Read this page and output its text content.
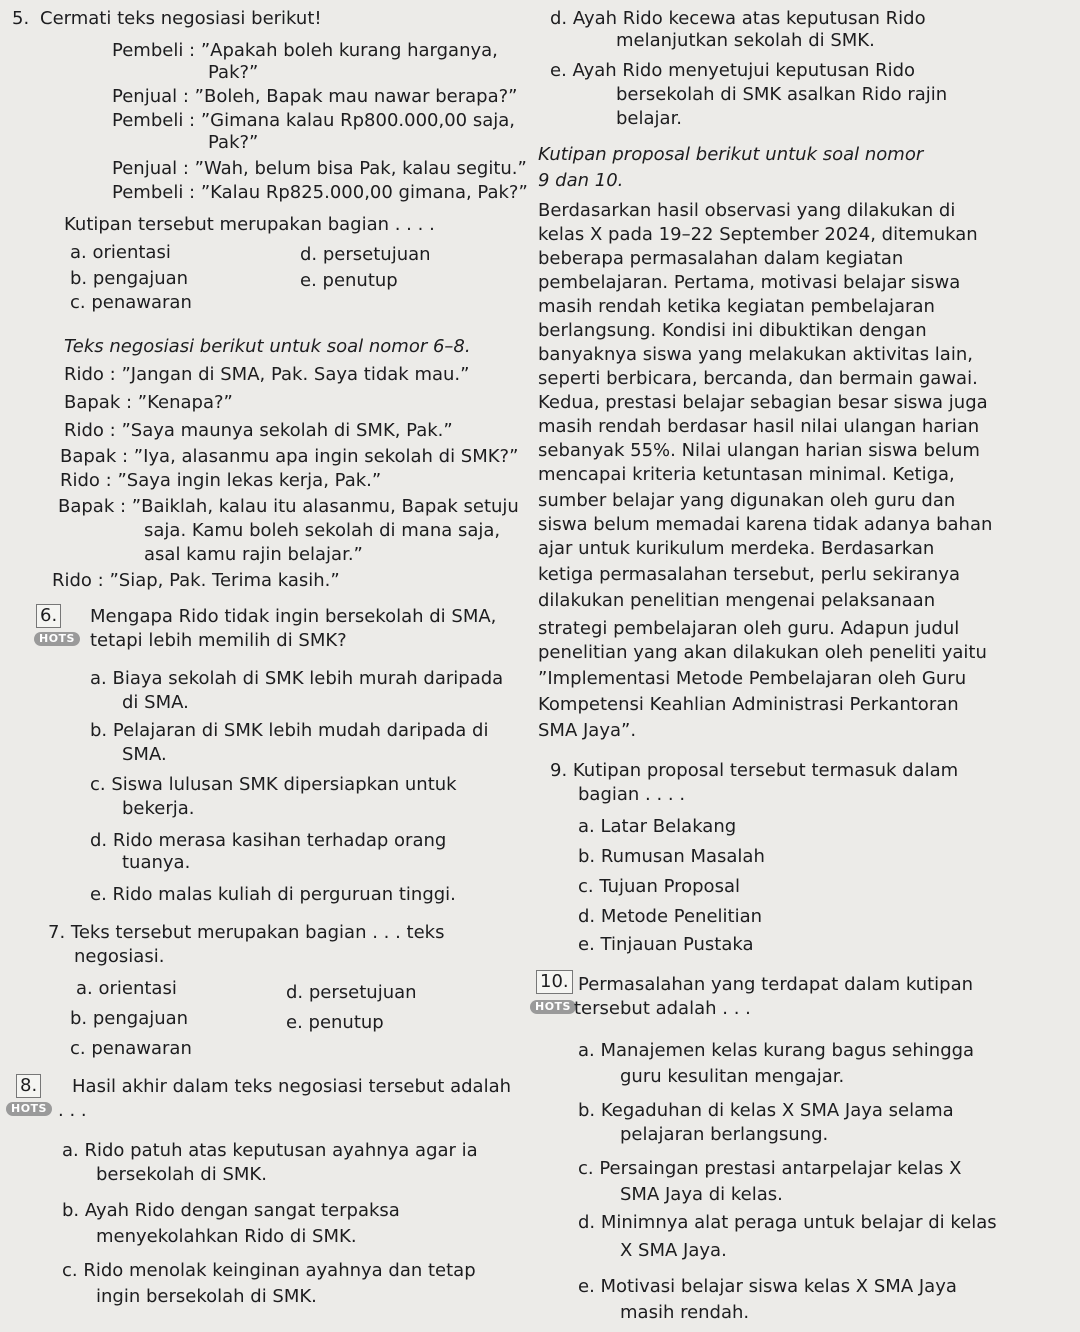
5. Cermati teks negosiasi berikut!
Pembeli : ”Apakah boleh kurang harganya,
Pak?”
Penjual : ”Boleh, Bapak mau nawar berapa?”
Pembeli : ”Gimana kalau Rp800.000,00 saja,
Pak?”
Penjual : ”Wah, belum bisa Pak, kalau segitu.”
Pembeli : ”Kalau Rp825.000,00 gimana, Pak?”
Kutipan tersebut merupakan bagian . . . .
a. orientasi	d. persetujuan
b. pengajuan	e. penutup
c. penawaran
Teks negosiasi berikut untuk soal nomor 6–8.
Rido : ”Jangan di SMA, Pak. Saya tidak mau.”
Bapak : ”Kenapa?”
Rido : ”Saya maunya sekolah di SMK, Pak.”
Bapak : ”Iya, alasanmu apa ingin sekolah di SMK?”
Rido : ”Saya ingin lekas kerja, Pak.”
Bapak : ”Baiklah, kalau itu alasanmu, Bapak setuju
saja. Kamu boleh sekolah di mana saja,
asal kamu rajin belajar.”
Rido : ”Siap, Pak. Terima kasih.”
6. Mengapa Rido tidak ingin bersekolah di SMA,
HOTS tetapi lebih memilih di SMK?
a. Biaya sekolah di SMK lebih murah daripada
di SMA.
b. Pelajaran di SMK lebih mudah daripada di
SMA.
c. Siswa lulusan SMK dipersiapkan untuk
bekerja.
d. Rido merasa kasihan terhadap orang
tuanya.
e. Rido malas kuliah di perguruan tinggi.
7. Teks tersebut merupakan bagian . . . teks
negosiasi.
a. orientasi	d. persetujuan
b. pengajuan	e. penutup
c. penawaran
8. Hasil akhir dalam teks negosiasi tersebut adalah
HOTS . . .
a. Rido patuh atas keputusan ayahnya agar ia
bersekolah di SMK.
b. Ayah Rido dengan sangat terpaksa
menyekolahkan Rido di SMK.
c. Rido menolak keinginan ayahnya dan tetap
ingin bersekolah di SMK.
d. Ayah Rido kecewa atas keputusan Rido
melanjutkan sekolah di SMK.
e. Ayah Rido menyetujui keputusan Rido
bersekolah di SMK asalkan Rido rajin
belajar.
Kutipan proposal berikut untuk soal nomor
9 dan 10.
Berdasarkan hasil observasi yang dilakukan di
kelas X pada 19–22 September 2024, ditemukan
beberapa permasalahan dalam kegiatan
pembelajaran. Pertama, motivasi belajar siswa
masih rendah ketika kegiatan pembelajaran
berlangsung. Kondisi ini dibuktikan dengan
banyaknya siswa yang melakukan aktivitas lain,
seperti berbicara, bercanda, dan bermain gawai.
Kedua, prestasi belajar sebagian besar siswa juga
masih rendah berdasar hasil nilai ulangan harian
sebanyak 55%. Nilai ulangan harian siswa belum
mencapai kriteria ketuntasan minimal. Ketiga,
sumber belajar yang digunakan oleh guru dan
siswa belum memadai karena tidak adanya bahan
ajar untuk kurikulum merdeka. Berdasarkan
ketiga permasalahan tersebut, perlu sekiranya
dilakukan penelitian mengenai pelaksanaan
strategi pembelajaran oleh guru. Adapun judul
penelitian yang akan dilakukan oleh peneliti yaitu
”Implementasi Metode Pembelajaran oleh Guru
Kompetensi Keahlian Administrasi Perkantoran
SMA Jaya”.
9. Kutipan proposal tersebut termasuk dalam
bagian . . . .
a. Latar Belakang
b. Rumusan Masalah
c. Tujuan Proposal
d. Metode Penelitian
e. Tinjauan Pustaka
10. Permasalahan yang terdapat dalam kutipan
HOTS tersebut adalah . . .
a. Manajemen kelas kurang bagus sehingga
guru kesulitan mengajar.
b. Kegaduhan di kelas X SMA Jaya selama
pelajaran berlangsung.
c. Persaingan prestasi antarpelajar kelas X
SMA Jaya di kelas.
d. Minimnya alat peraga untuk belajar di kelas
X SMA Jaya.
e. Motivasi belajar siswa kelas X SMA Jaya
masih rendah.
